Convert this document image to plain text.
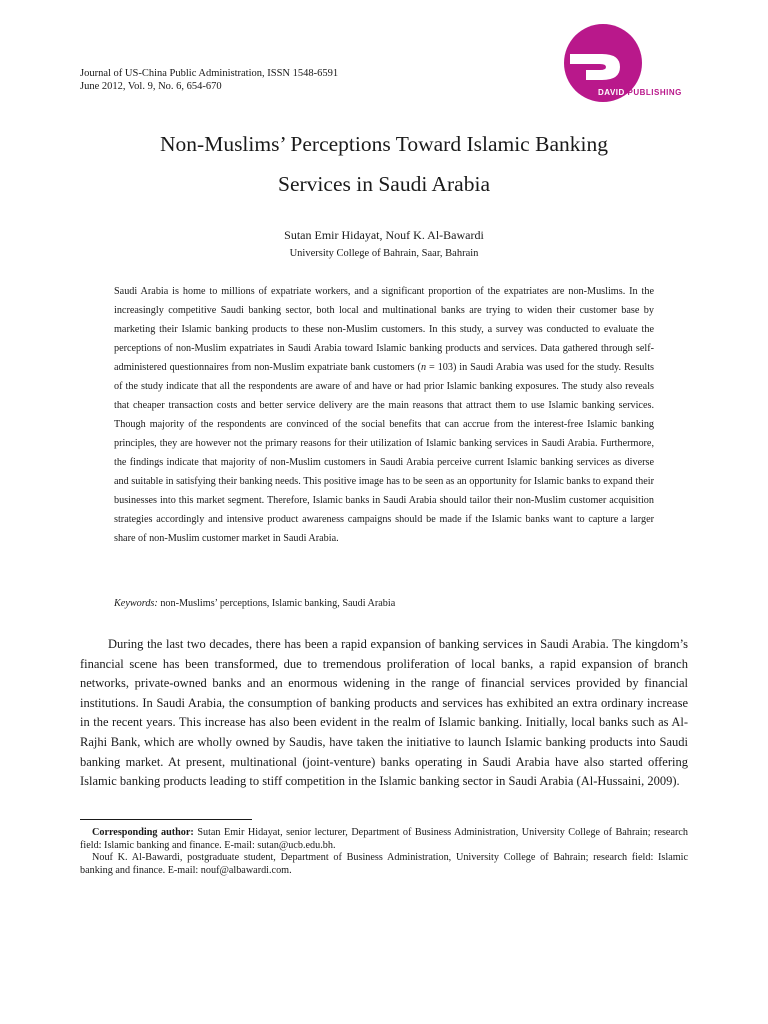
Journal of US-China Public Administration, ISSN 1548-6591
June 2012, Vol. 9, No. 6, 654-670
DAVID PUBLISHING
Non-Muslims’ Perceptions Toward Islamic Banking
Services in Saudi Arabia
Sutan Emir Hidayat, Nouf K. Al-Bawardi
University College of Bahrain, Saar, Bahrain
Saudi Arabia is home to millions of expatriate workers, and a significant proportion of the expatriates are non-Muslims. In the increasingly competitive Saudi banking sector, both local and multinational banks are trying to widen their customer base by marketing their Islamic banking products to these non-Muslim customers. In this study, a survey was conducted to evaluate the perceptions of non-Muslim expatriates in Saudi Arabia toward Islamic banking products and services. Data gathered through self-administered questionnaires from non-Muslim expatriate bank customers (n = 103) in Saudi Arabia was used for the study. Results of the study indicate that all the respondents are aware of and have or had prior Islamic banking exposures. The study also reveals that cheaper transaction costs and better service delivery are the main reasons that attract them to use Islamic banking services. Though majority of the respondents are convinced of the social benefits that can accrue from the interest-free Islamic banking principles, they are however not the primary reasons for their utilization of Islamic banking services in Saudi Arabia. Furthermore, the findings indicate that majority of non-Muslim customers in Saudi Arabia perceive current Islamic banking services as diverse and suitable in satisfying their banking needs. This positive image has to be seen as an opportunity for Islamic banks to expand their businesses into this market segment. Therefore, Islamic banks in Saudi Arabia should tailor their non-Muslim customer acquisition strategies accordingly and intensive product awareness campaigns should be made if the Islamic banks want to capture a larger share of non-Muslim customer market in Saudi Arabia.
Keywords: non-Muslims’ perceptions, Islamic banking, Saudi Arabia

During the last two decades, there has been a rapid expansion of banking services in Saudi Arabia. The kingdom’s financial scene has been transformed, due to tremendous proliferation of local banks, a rapid expansion of branch networks, private-owned banks and an enormous widening in the range of financial services provided by financial institutions. In Saudi Arabia, the consumption of banking products and services has exhibited an extra ordinary increase in the recent years. This increase has also been evident in the realm of Islamic banking. Initially, local banks such as Al-Rajhi Bank, which are wholly owned by Saudis, have taken the initiative to launch Islamic banking products into Saudi banking market. At present, multinational (joint-venture) banks operating in Saudi Arabia have also started offering Islamic banking products leading to stiff competition in the Islamic banking sector in Saudi Arabia (Al-Hussaini, 2009).

Corresponding author: Sutan Emir Hidayat, senior lecturer, Department of Business Administration, University College of Bahrain; research field: Islamic banking and finance. E-mail: sutan@ucb.edu.bh.

Nouf K. Al-Bawardi, postgraduate student, Department of Business Administration, University College of Bahrain; research field: Islamic banking and finance. E-mail: nouf@albawardi.com.
